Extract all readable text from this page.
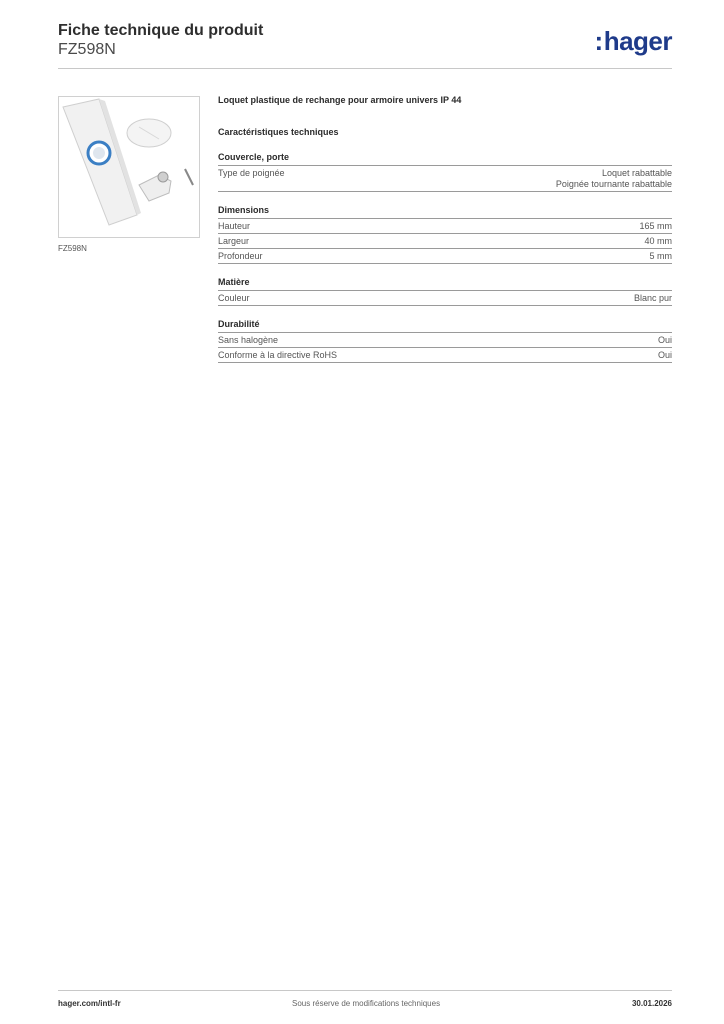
Fiche technique du produit
FZ598N	:hager
FZ598N
Loquet plastique de rechange pour armoire univers IP 44
Caractéristiques techniques
Couvercle, porte
Type de poignée	Loquet rabattable
Poignée tournante rabattable
Dimensions
Hauteur	165 mm
Largeur	40 mm
Profondeur	5 mm
Matière
Couleur	Blanc pur
Durabilité
Sans halogène	Oui
Conforme à la directive RoHS	Oui
hager.com/intl-fr	Sous réserve de modifications techniques	30.01.2026
